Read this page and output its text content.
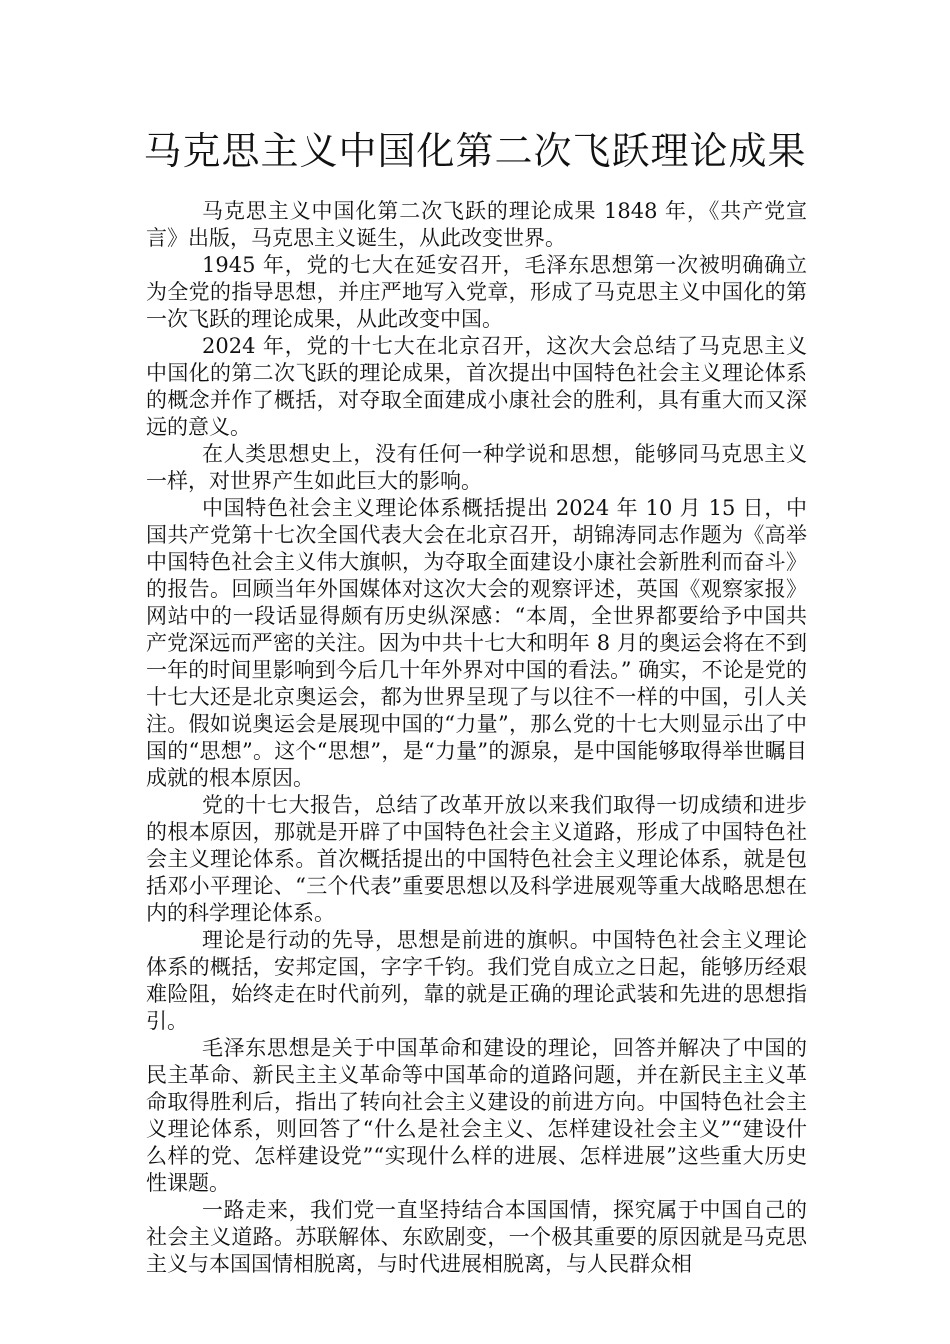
马克思主义中国化第二次飞跃理论成果

马克思主义中国化第二次飞跃的理论成果 1848 年，《共产党宣言》出版，马克思主义诞生，从此改变世界。

1945 年，党的七大在延安召开，毛泽东思想第一次被明确确立为全党的指导思想，并庄严地写入党章，形成了马克思主义中国化的第一次飞跃的理论成果，从此改变中国。

2024 年，党的十七大在北京召开，这次大会总结了马克思主义中国化的第二次飞跃的理论成果，首次提出中国特色社会主义理论体系的概念并作了概括，对夺取全面建成小康社会的胜利，具有重大而又深远的意义。

在人类思想史上，没有任何一种学说和思想，能够同马克思主义一样，对世界产生如此巨大的影响。

中国特色社会主义理论体系概括提出 2024 年 10 月 15 日，中国共产党第十七次全国代表大会在北京召开，胡锦涛同志作题为《高举中国特色社会主义伟大旗帜，为夺取全面建设小康社会新胜利而奋斗》的报告。回顾当年外国媒体对这次大会的观察评述，英国《观察家报》网站中的一段话显得颇有历史纵深感：“本周，全世界都要给予中国共产党深远而严密的关注。因为中共十七大和明年 8 月的奥运会将在不到一年的时间里影响到今后几十年外界对中国的看法。” 确实，不论是党的十七大还是北京奥运会，都为世界呈现了与以往不一样的中国，引人关注。假如说奥运会是展现中国的“力量”，那么党的十七大则显示出了中国的“思想”。这个“思想”，是“力量”的源泉，是中国能够取得举世瞩目成就的根本原因。

党的十七大报告，总结了改革开放以来我们取得一切成绩和进步的根本原因，那就是开辟了中国特色社会主义道路，形成了中国特色社会主义理论体系。首次概括提出的中国特色社会主义理论体系，就是包括邓小平理论、“三个代表”重要思想以及科学进展观等重大战略思想在内的科学理论体系。

理论是行动的先导，思想是前进的旗帜。中国特色社会主义理论体系的概括，安邦定国，字字千钧。我们党自成立之日起，能够历经艰难险阻，始终走在时代前列，靠的就是正确的理论武装和先进的思想指引。

毛泽东思想是关于中国革命和建设的理论，回答并解决了中国的民主革命、新民主主义革命等中国革命的道路问题，并在新民主主义革命取得胜利后，指出了转向社会主义建设的前进方向。中国特色社会主义理论体系，则回答了“什么是社会主义、怎样建设社会主义”“建设什么样的党、怎样建设党”“实现什么样的进展、怎样进展”这些重大历史性课题。

一路走来，我们党一直坚持结合本国国情，探究属于中国自己的社会主义道路。苏联解体、东欧剧变，一个极其重要的原因就是马克思主义与本国国情相脱离，与时代进展相脱离，与人民群众相
